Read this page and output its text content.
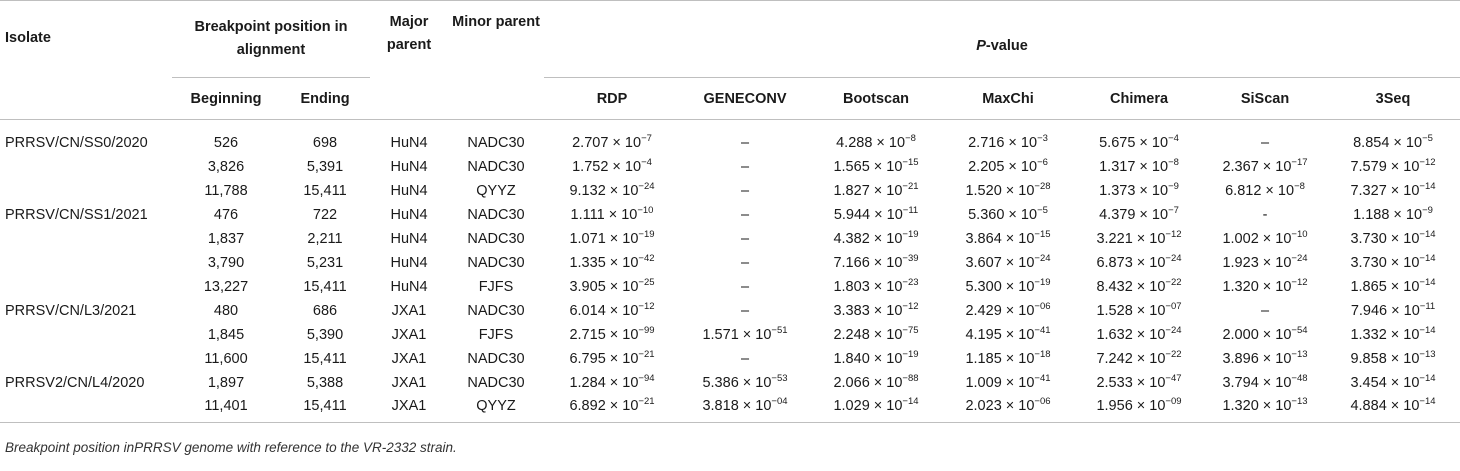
Isolate	Breakpoint position in alignment		Major parent	Minor parent	P-value						
	Beginning	Ending			RDP	GENECONV	Bootscan	MaxChi	Chimera	SiScan	3Seq
PRRSV/CN/SS0/2020	526	698	HuN4	NADC30	$2.707 \times 10^{-7}$	–	$4.288 \times 10^{-8}$	$2.716 \times 10^{-3}$	$5.675 \times 10^{-4}$	–	$8.854 \times 10^{-5}$
	3,826	5,391	HuN4	NADC30	$1.752 \times 10^{-4}$	–	$1.565 \times 10^{-15}$	$2.205 \times 10^{-6}$	$1.317 \times 10^{-8}$	$2.367 \times 10^{-17}$	$7.579 \times 10^{-12}$
	11,788	15,411	HuN4	QYYZ	$9.132 \times 10^{-24}$	–	$1.827 \times 10^{-21}$	$1.520 \times 10^{-28}$	$1.373 \times 10^{-9}$	$6.812 \times 10^{-8}$	$7.327 \times 10^{-14}$
PRRSV/CN/SS1/2021	476	722	HuN4	NADC30	$1.111 \times 10^{-10}$	–	$5.944 \times 10^{-11}$	$5.360 \times 10^{-5}$	$4.379 \times 10^{-7}$	-	$1.188 \times 10^{-9}$
	1,837	2,211	HuN4	NADC30	$1.071 \times 10^{-19}$	–	$4.382 \times 10^{-19}$	$3.864 \times 10^{-15}$	$3.221 \times 10^{-12}$	$1.002 \times 10^{-10}$	$3.730 \times 10^{-14}$
	3,790	5,231	HuN4	NADC30	$1.335 \times 10^{-42}$	–	$7.166 \times 10^{-39}$	$3.607 \times 10^{-24}$	$6.873 \times 10^{-24}$	$1.923 \times 10^{-24}$	$3.730 \times 10^{-14}$
	13,227	15,411	HuN4	FJFS	$3.905 \times 10^{-25}$	–	$1.803 \times 10^{-23}$	$5.300 \times 10^{-19}$	$8.432 \times 10^{-22}$	$1.320 \times 10^{-12}$	$1.865 \times 10^{-14}$
PRRSV/CN/L3/2021	480	686	JXA1	NADC30	$6.014 \times 10^{-12}$	–	$3.383 \times 10^{-12}$	$2.429 \times 10^{-06}$	$1.528 \times 10^{-07}$	–	$7.946 \times 10^{-11}$
	1,845	5,390	JXA1	FJFS	$2.715 \times 10^{-99}$	$1.571 \times 10^{-51}$	$2.248 \times 10^{-75}$	$4.195 \times 10^{-41}$	$1.632 \times 10^{-24}$	$2.000 \times 10^{-54}$	$1.332 \times 10^{-14}$
	11,600	15,411	JXA1	NADC30	$6.795 \times 10^{-21}$	–	$1.840 \times 10^{-19}$	$1.185 \times 10^{-18}$	$7.242 \times 10^{-22}$	$3.896 \times 10^{-13}$	$9.858 \times 10^{-13}$
PRRSV2/CN/L4/2020	1,897	5,388	JXA1	NADC30	$1.284 \times 10^{-94}$	$5.386 \times 10^{-53}$	$2.066 \times 10^{-88}$	$1.009 \times 10^{-41}$	$2.533 \times 10^{-47}$	$3.794 \times 10^{-48}$	$3.454 \times 10^{-14}$
	11,401	15,411	JXA1	QYYZ	$6.892 \times 10^{-21}$	$3.818 \times 10^{-04}$	$1.029 \times 10^{-14}$	$2.023 \times 10^{-06}$	$1.956 \times 10^{-09}$	$1.320 \times 10^{-13}$	$4.884 \times 10^{-14}$
Breakpoint position inPRRSV genome with reference to the VR-2332 strain.
